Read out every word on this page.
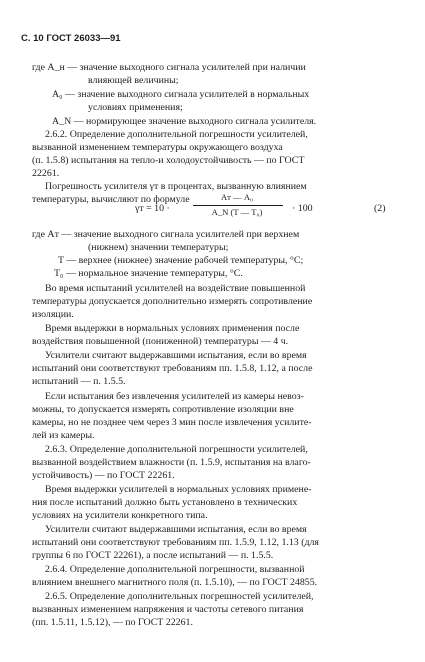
С. 10 ГОСТ 26033—91

где A_н — значение выходного сигнала усилителей при наличии

влияющей величины;

A₀ — значение выходного сигнала усилителей в нормальных

условиях применения;

A_N — нормирующее значение выходного сигнала усилителя.

2.6.2. Определение дополнительной погрешности усилителей,

вызванной изменением температуры окружающего воздуха

(п. 1.5.8) испытания на тепло-и холодоустойчивость — по ГОСТ

22261.

Погрешность усилителя γт в процентах, вызванную влиянием

температуры, вычисляют по формуле

γт = 10 ·

Aт — A₀
A_N (T — T₀)	· 100	(2)

где Aт — значение выходного сигнала усилителей при верхнем

(нижнем) значении температуры;

T — верхнее (нижнее) значение рабочей температуры, °C;

T₀ — нормальное значение температуры, °C.

Во время испытаний усилителей на воздействие повышенной

температуры допускается дополнительно измерять сопротивление

изоляции.

Время выдержки в нормальных условиях применения после

воздействия повышенной (пониженной) температуры — 4 ч.

Усилители считают выдержавшими испытания, если во время

испытаний они соответствуют требованиям пп. 1.5.8, 1.12, а после

испытаний — п. 1.5.5.

Если испытания без извлечения усилителей из камеры невоз-

можны, то допускается измерять сопротивление изоляции вне

камеры, но не позднее чем через 3 мин после извлечения усилите-

лей из камеры.

2.6.3. Определение дополнительной погрешности усилителей,

вызванной воздействием влажности (п. 1.5.9, испытания на влаго-

устойчивость) — по ГОСТ 22261.

Время выдержки усилителей в нормальных условиях примене-

ния после испытаний должно быть установлено в технических

условиях на усилители конкретного типа.

Усилители считают выдержавшими испытания, если во время

испытаний они соответствуют требованиям пп. 1.5.9, 1.12, 1.13 (для

группы 6 по ГОСТ 22261), а после испытаний — п. 1.5.5.

2.6.4. Определение дополнительной погрешности, вызванной

влиянием внешнего магнитного поля (п. 1.5.10), — по ГОСТ 24855.

2.6.5. Определение дополнительных погрешностей усилителей,

вызванных изменением напряжения и частоты сетевого питания

(пп. 1.5.11, 1.5.12), — по ГОСТ 22261.
